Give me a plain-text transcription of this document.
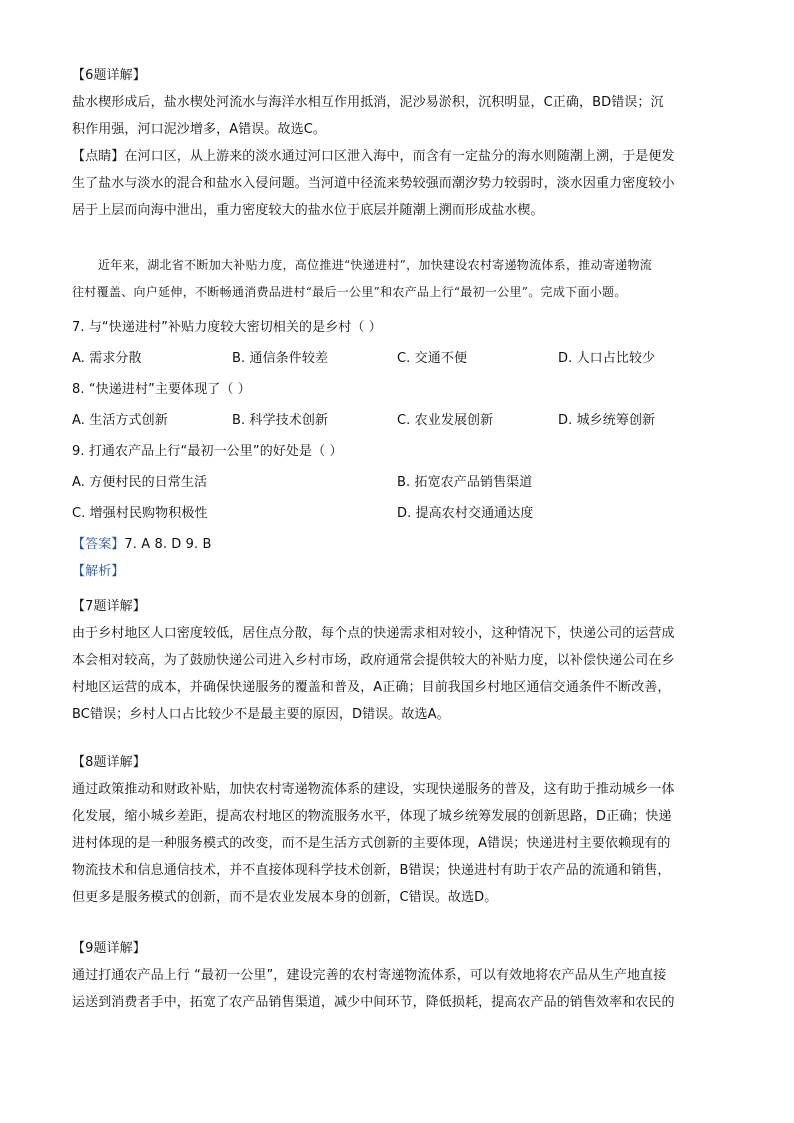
【6题详解】
盐水楔形成后，盐水楔处河流水与海洋水相互作用抵消，泥沙易淤积，沉积明显，C正确，BD错误；沉
积作用强，河口泥沙增多，A错误。故选C。
【点睛】在河口区，从上游来的淡水通过河口区泄入海中，而含有一定盐分的海水则随潮上溯，于是便发
生了盐水与淡水的混合和盐水入侵问题。当河道中径流来势较强而潮汐势力较弱时，淡水因重力密度较小
居于上层而向海中泄出，重力密度较大的盐水位于底层并随潮上溯而形成盐水楔。
近年来，湖北省不断加大补贴力度，高位推进“快递进村”，加快建设农村寄递物流体系，推动寄递物流
往村覆盖、向户延伸，不断畅通消费品进村“最后一公里”和农产品上行“最初一公里”。完成下面小题。
7. 与“快递进村”补贴力度较大密切相关的是乡村（ ）
A. 需求分散	B. 通信条件较差	C. 交通不便	D. 人口占比较少
8. “快递进村”主要体现了（ ）
A. 生活方式创新	B. 科学技术创新	C. 农业发展创新	D. 城乡统筹创新
9. 打通农产品上行“最初一公里”的好处是（ ）
A. 方便村民的日常生活	B. 拓宽农产品销售渠道
C. 增强村民购物积极性	D. 提高农村交通通达度
【答案】7. A 8. D 9. B
【解析】
【7题详解】
由于乡村地区人口密度较低，居住点分散，每个点的快递需求相对较小，这种情况下，快递公司的运营成
本会相对较高，为了鼓励快递公司进入乡村市场，政府通常会提供较大的补贴力度，以补偿快递公司在乡
村地区运营的成本，并确保快递服务的覆盖和普及，A正确；目前我国乡村地区通信交通条件不断改善，
BC错误；乡村人口占比较少不是最主要的原因，D错误。故选A。
【8题详解】
通过政策推动和财政补贴，加快农村寄递物流体系的建设，实现快递服务的普及，这有助于推动城乡一体
化发展，缩小城乡差距，提高农村地区的物流服务水平，体现了城乡统筹发展的创新思路，D正确；快递
进村体现的是一种服务模式的改变，而不是生活方式创新的主要体现，A错误；快递进村主要依赖现有的
物流技术和信息通信技术，并不直接体现科学技术创新，B错误；快递进村有助于农产品的流通和销售，
但更多是服务模式的创新，而不是农业发展本身的创新，C错误。故选D。
【9题详解】
通过打通农产品上行 “最初一公里”，建设完善的农村寄递物流体系，可以有效地将农产品从生产地直接
运送到消费者手中，拓宽了农产品销售渠道，减少中间环节，降低损耗，提高农产品的销售效率和农民的
